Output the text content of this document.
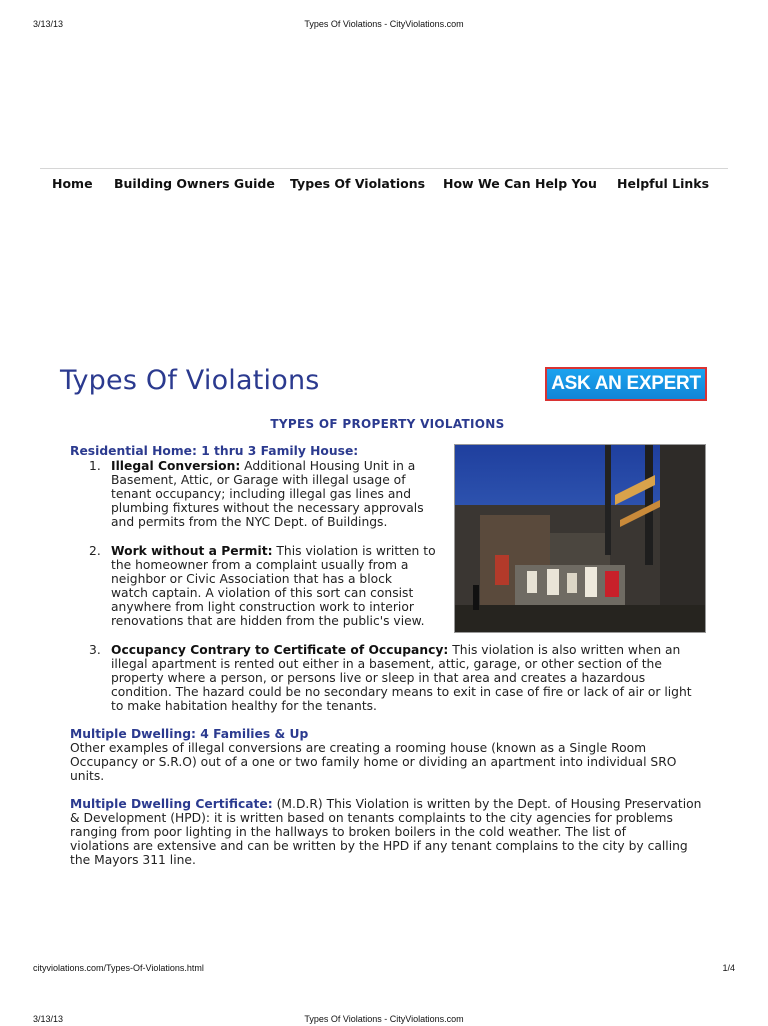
3/13/13	Types Of Violations - CityViolations.com
Home Building Owners Guide Types Of Violations How We Can Help You Helpful Links
Types Of Violations	ASK AN EXPERT
TYPES OF PROPERTY VIOLATIONS
Residential Home: 1 thru 3 Family House:
1. Illegal Conversion: Additional Housing Unit in a
Basement, Attic, or Garage with illegal usage of
tenant occupancy; including illegal gas lines and
plumbing fixtures without the necessary approvals
and permits from the NYC Dept. of Buildings.
2. Work without a Permit: This violation is written to
the homeowner from a complaint usually from a
neighbor or Civic Association that has a block
watch captain. A violation of this sort can consist
anywhere from light construction work to interior
renovations that are hidden from the public's view.
3. Occupancy Contrary to Certificate of Occupancy: This violation is also written when an
illegal apartment is rented out either in a basement, attic, garage, or other section of the
property where a person, or persons live or sleep in that area and creates a hazardous
condition. The hazard could be no secondary means to exit in case of fire or lack of air or light
to make habitation healthy for the tenants.
Multiple Dwelling: 4 Families & Up
Other examples of illegal conversions are creating a rooming house (known as a Single Room
Occupancy or S.R.O) out of a one or two family home or dividing an apartment into individual SRO
units.
Multiple Dwelling Certificate: (M.D.R) This Violation is written by the Dept. of Housing Preservation
& Development (HPD): it is written based on tenants complaints to the city agencies for problems
ranging from poor lighting in the hallways to broken boilers in the cold weather. The list of
violations are extensive and can be written by the HPD if any tenant complains to the city by calling
the Mayors 311 line.
cityviolations.com/Types-Of-Violations.html	1/4
3/13/13	Types Of Violations - CityViolations.com
